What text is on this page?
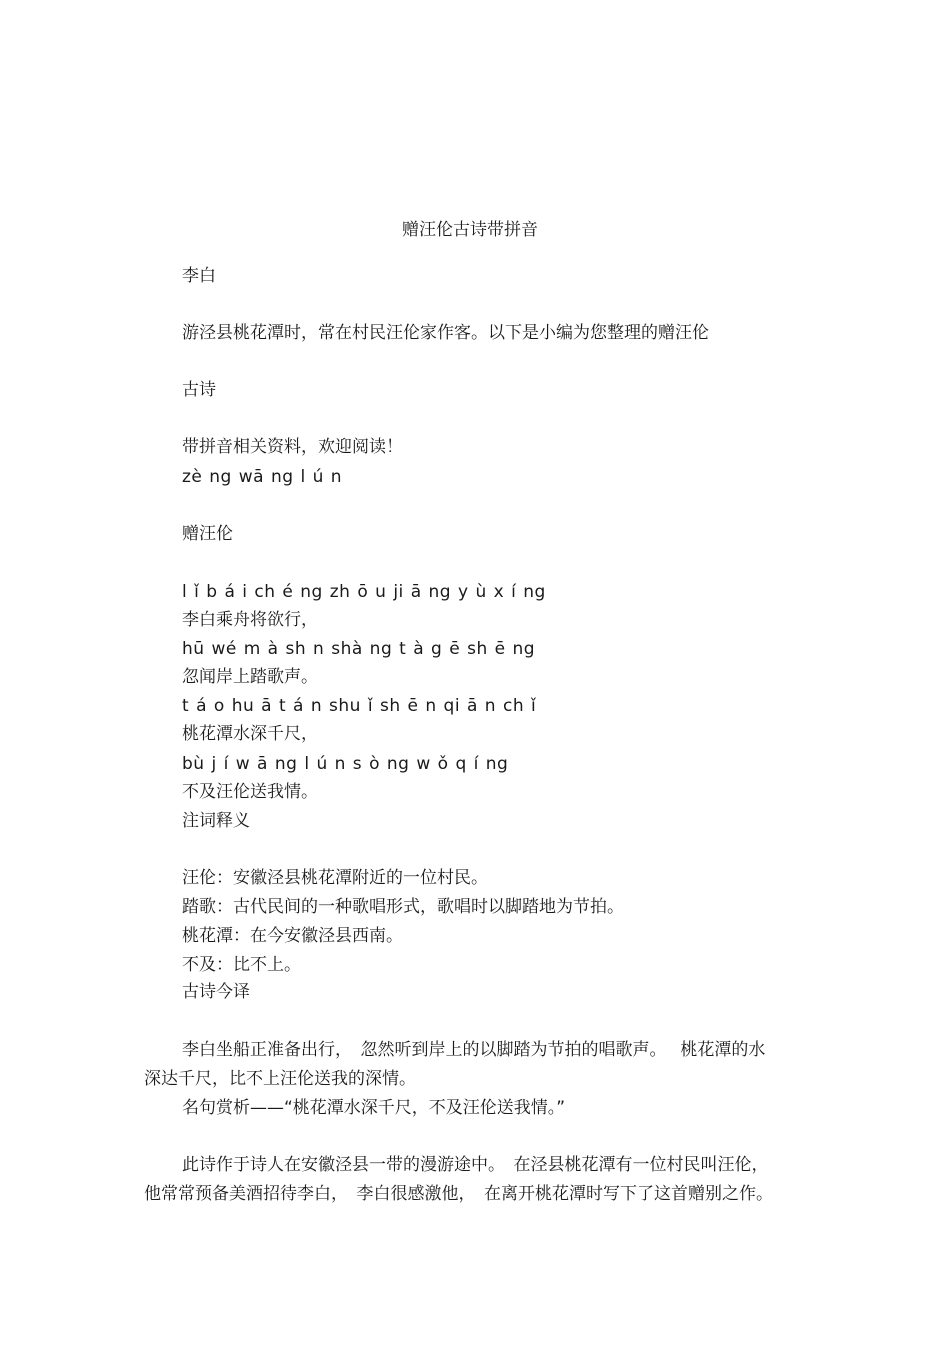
赠汪伦古诗带拼音
李白
游泾县桃花潭时，常在村民汪伦家作客。以下是小编为您整理的赠汪伦
古诗
带拼音相关资料，欢迎阅读！
zè ng wā ng l ú n
赠汪伦
l ǐ b á i ch é ng zh ō u ji ā ng y ù x í ng
李白乘舟将欲行，
hū wé m à sh n shà ng t à g ē sh ē ng
忽闻岸上踏歌声。
t á o hu ā t á n shu ǐ sh ē n qi ā n ch ǐ
桃花潭水深千尺，
bù j í w ā ng l ú n s ò ng w ǒ q í ng
不及汪伦送我情。
注词释义
汪伦：安徽泾县桃花潭附近的一位村民。
踏歌：古代民间的一种歌唱形式，歌唱时以脚踏地为节拍。
桃花潭：在今安徽泾县西南。
不及：比不上。
古诗今译
李白坐船正准备出行，　忽然听到岸上的以脚踏为节拍的唱歌声。　 桃花潭的水
深达千尺，比不上汪伦送我的深情。
名句赏析——“桃花潭水深千尺，不及汪伦送我情。”
此诗作于诗人在安徽泾县一带的漫游途中。　在泾县桃花潭有一位村民叫汪伦，
他常常预备美酒招待李白，　李白很感激他，　在离开桃花潭时写下了这首赠别之作。
